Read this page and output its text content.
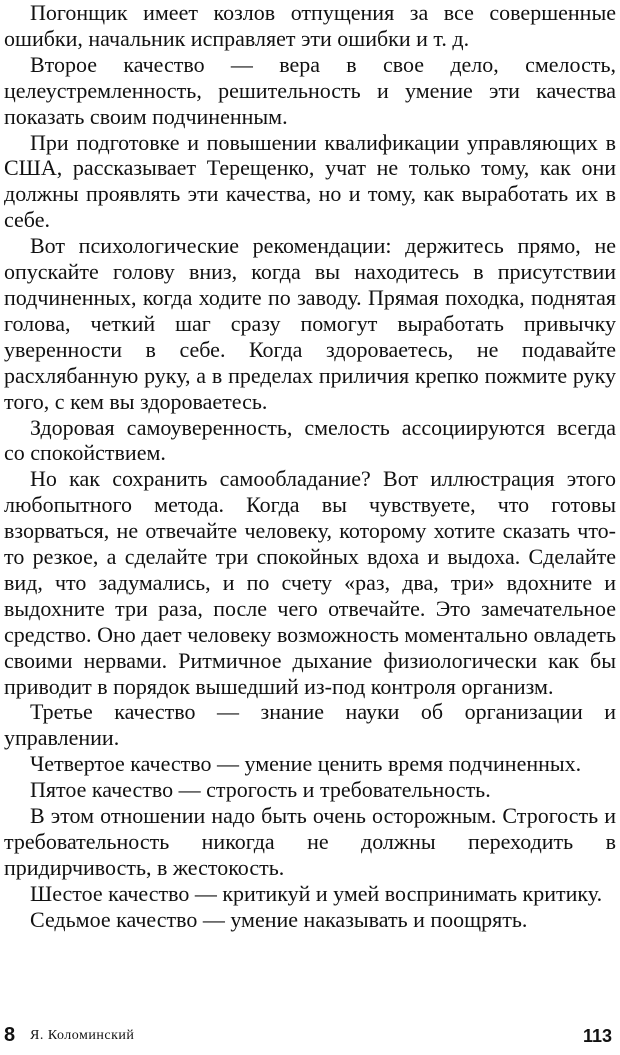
Погонщик имеет козлов отпущения за все совершенные ошибки, начальник исправляет эти ошибки и т. д.

Второе качество — вера в свое дело, смелость, целеустремленность, решительность и умение эти качества показать своим подчиненным.

При подготовке и повышении квалификации управляющих в США, рассказывает Терещенко, учат не только тому, как они должны проявлять эти качества, но и тому, как выработать их в себе.

Вот психологические рекомендации: держитесь прямо, не опускайте голову вниз, когда вы находитесь в присутствии подчиненных, когда ходите по заводу. Прямая походка, поднятая голова, четкий шаг сразу помогут выработать привычку уверенности в себе. Когда здороваетесь, не подавайте расхлябанную руку, а в пределах приличия крепко пожмите руку того, с кем вы здороваетесь.

Здоровая самоуверенность, смелость ассоциируются всегда со спокойствием.

Но как сохранить самообладание? Вот иллюстрация этого любопытного метода. Когда вы чувствуете, что готовы взорваться, не отвечайте человеку, которому хотите сказать что-то резкое, а сделайте три спокойных вдоха и выдоха. Сделайте вид, что задумались, и по счету «раз, два, три» вдохните и выдохните три раза, после чего отвечайте. Это замечательное средство. Оно дает человеку возможность моментально овладеть своими нервами. Ритмичное дыхание физиологически как бы приводит в порядок вышедший из-под контроля организм.

Третье качество — знание науки об организации и управлении.

Четвертое качество — умение ценить время подчиненных.

Пятое качество — строгость и требовательность.

В этом отношении надо быть очень осторожным. Строгость и требовательность никогда не должны переходить в придирчивость, в жестокость.

Шестое качество — критикуй и умей воспринимать критику.

Седьмое качество — умение наказывать и поощрять.

8 Я. Коломинский	113
